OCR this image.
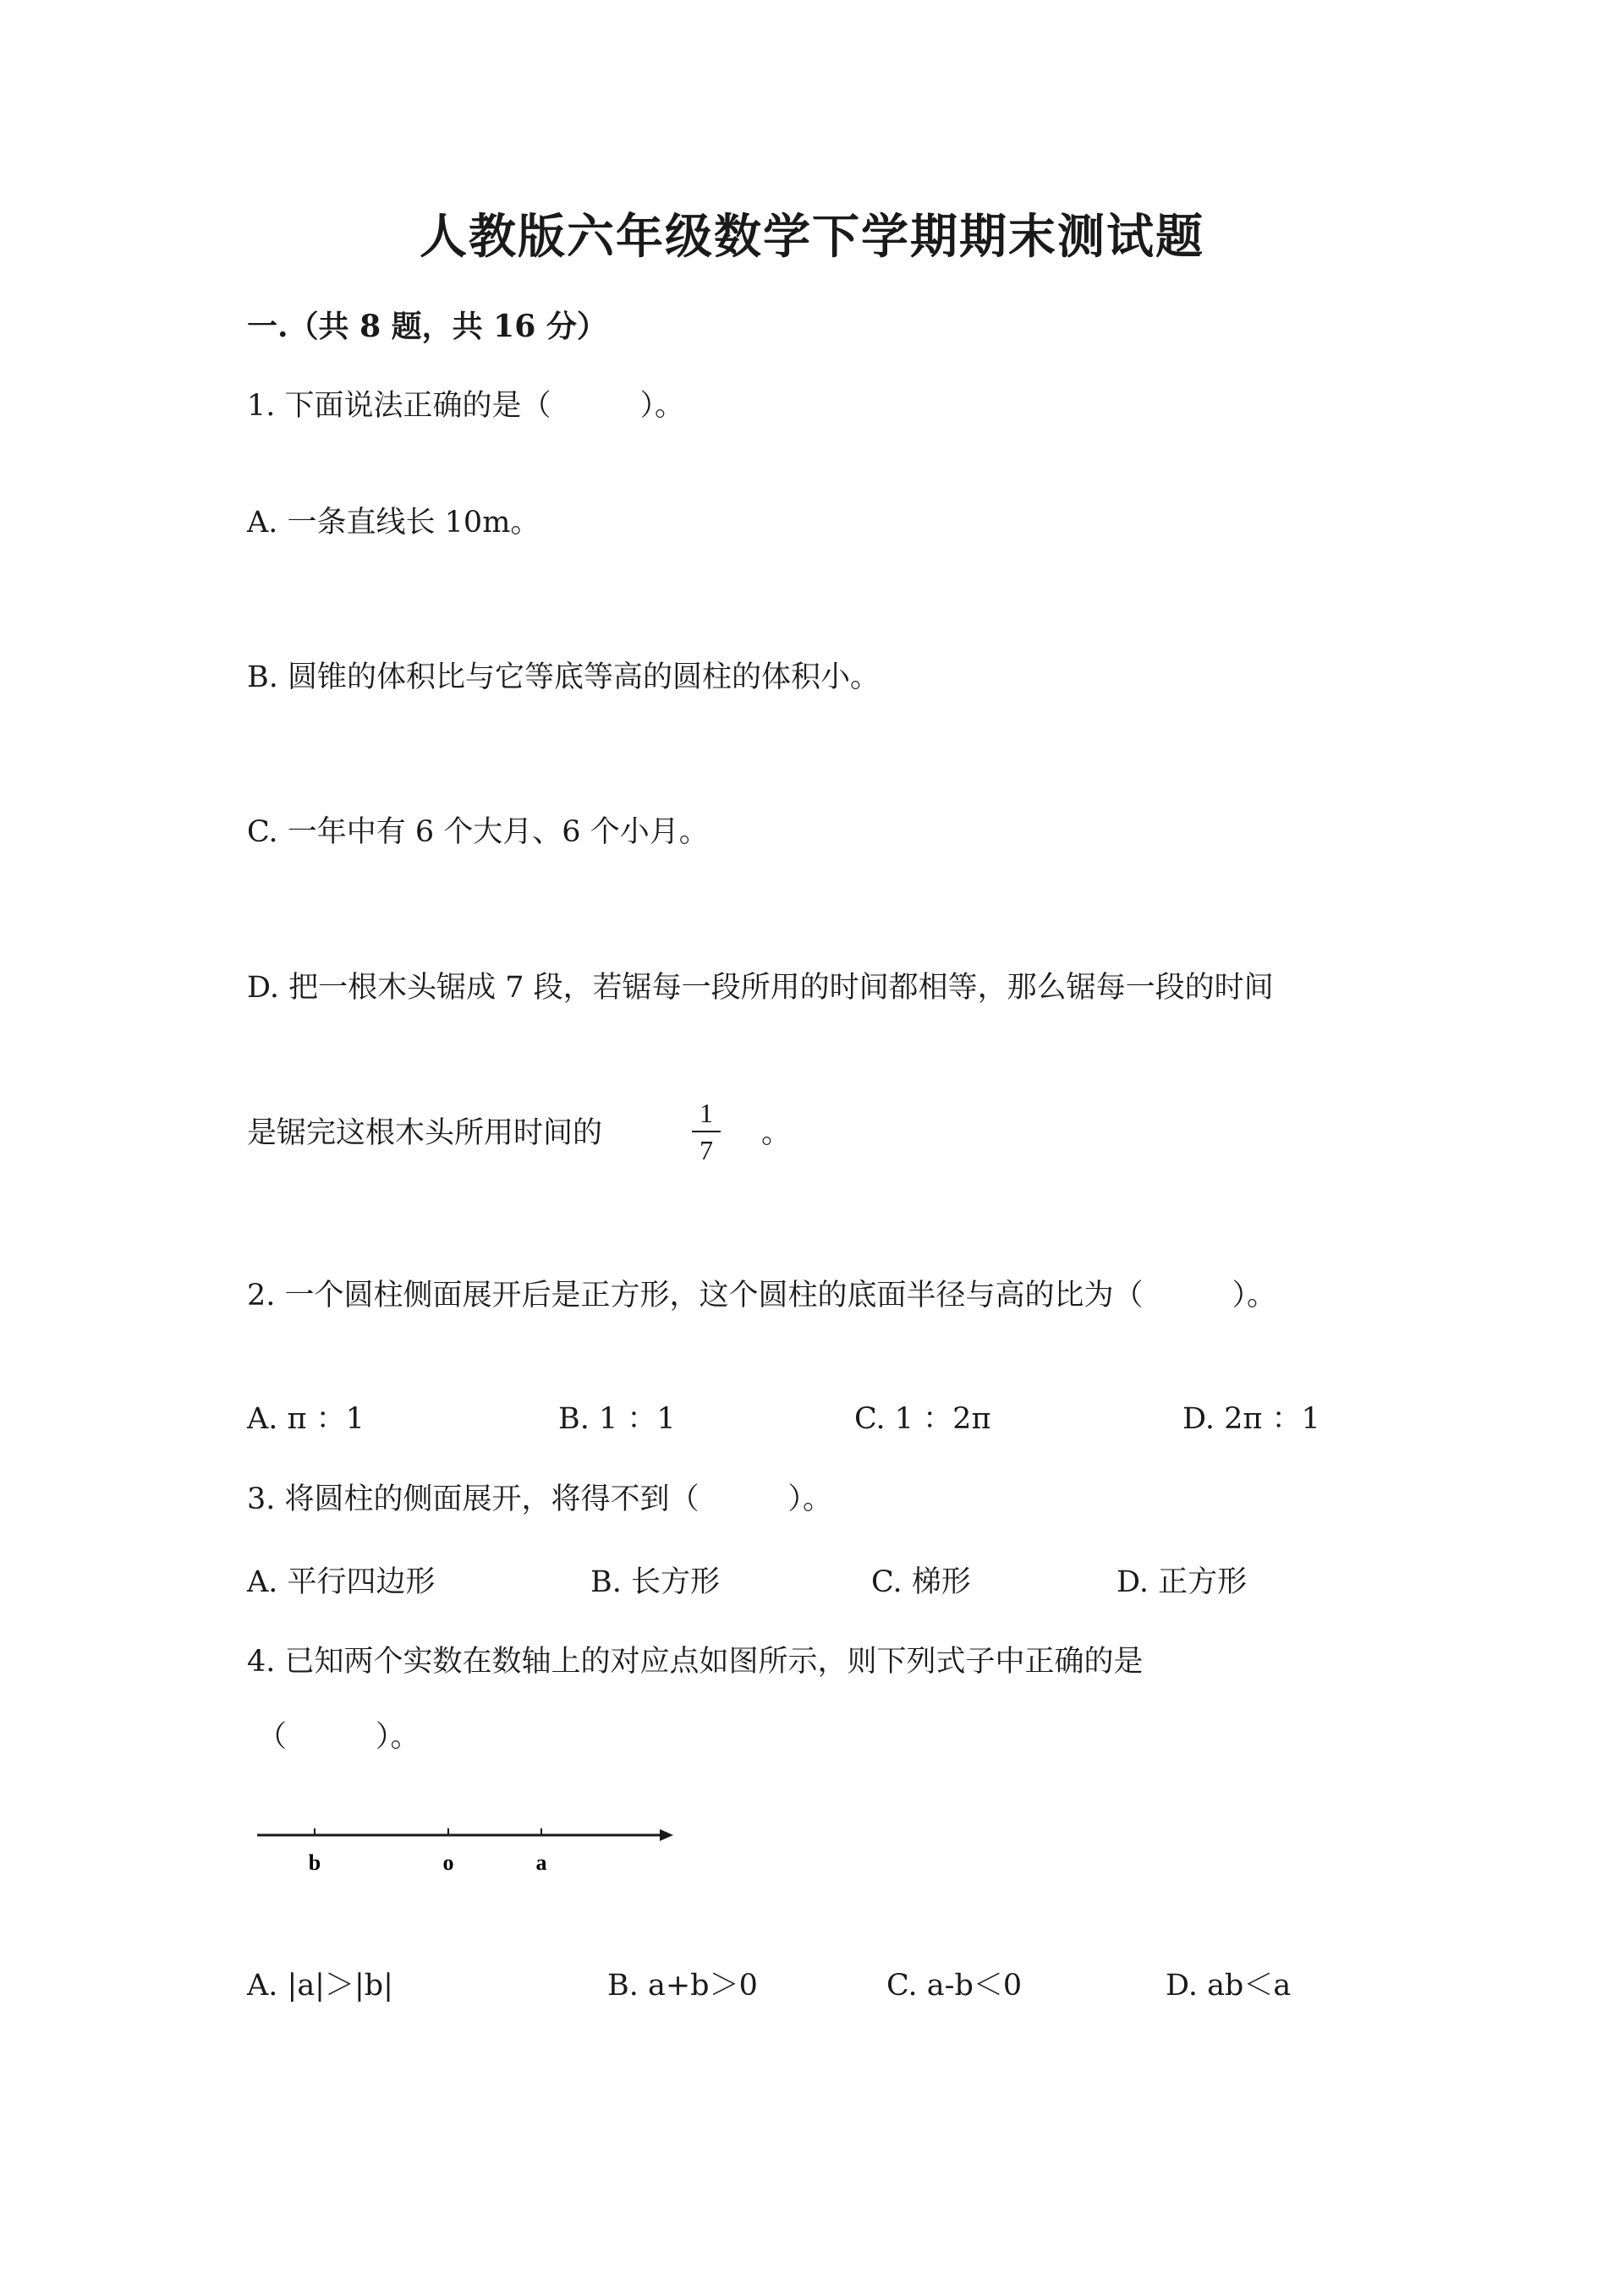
人教版六年级数学下学期期末测试题
一.（共 8 题，共 16 分）
1. 下面说法正确的是（　　　）。
A. 一条直线长 10m。
B. 圆锥的体积比与它等底等高的圆柱的体积小。
C. 一年中有 6 个大月、6 个小月。
D. 把一根木头锯成 7 段，若锯每一段所用的时间都相等，那么锯每一段的时间
是锯完这根木头所用时间的
1
7 。
2. 一个圆柱侧面展开后是正方形，这个圆柱的底面半径与高的比为（　　　）。
A. π ：1	B. 1 ：1	C. 1 ：2π	D. 2π ：1
3. 将圆柱的侧面展开，将得不到（　　　）。
A. 平行四边形	B. 长方形	C. 梯形	D. 正方形
4. 已知两个实数在数轴上的对应点如图所示，则下列式子中正确的是
（　　　）。
b	o	a
A. |a|＞|b|	B. a+b＞0	C. a-b＜0	D. ab＜a
